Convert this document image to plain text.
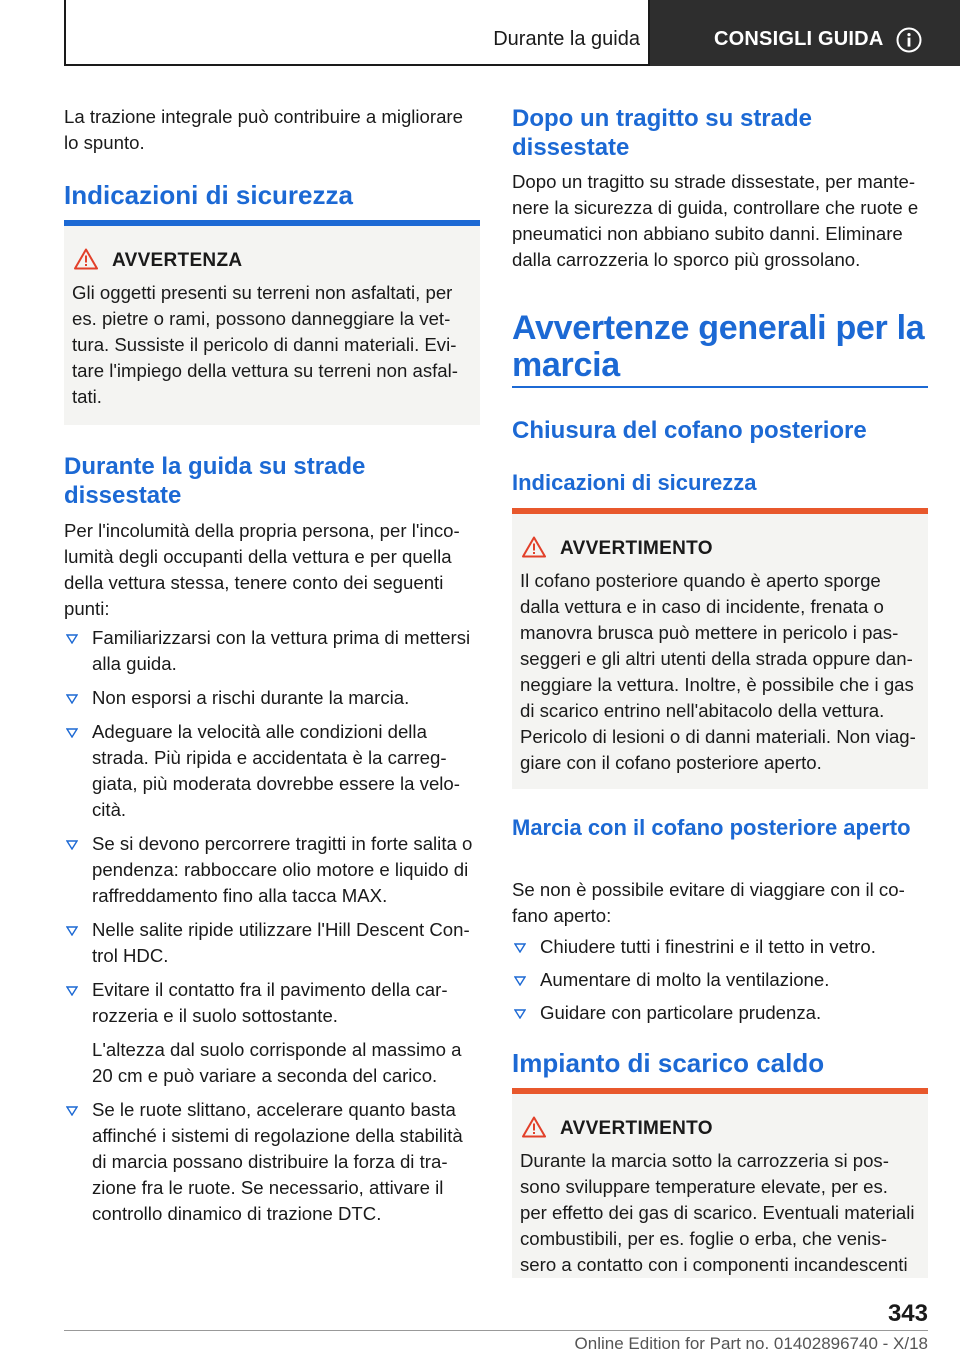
Durante la guida	CONSIGLI GUIDA

La trazione integrale può contribuire a migliorare lo spunto.

Indicazioni di sicurezza
AVVERTENZA
Gli oggetti presenti su terreni non asfaltati, per es. pietre o rami, possono danneggiare la vettura. Sussiste il pericolo di danni materiali. Evitare l'impiego della vettura su terreni non asfaltati.
Durante la guida su strade dissestate

Per l'incolumità della propria persona, per l'incolumità degli occupanti della vettura e per quella della vettura stessa, tenere conto dei seguenti punti:

Familiarizzarsi con la vettura prima di mettersi alla guida.
Non esporsi a rischi durante la marcia.
Adeguare la velocità alle condizioni della strada. Più ripida e accidentata è la carreggiata, più moderata dovrebbe essere la velocità.
Se si devono percorrere tragitti in forte salita o pendenza: rabboccare olio motore e liquido di raffreddamento fino alla tacca MAX.
Nelle salite ripide utilizzare l'Hill Descent Control HDC.
Evitare il contatto fra il pavimento della carrozzeria e il suolo sottostante.
L'altezza dal suolo corrisponde al massimo a 20 cm e può variare a seconda del carico.
Se le ruote slittano, accelerare quanto basta affinché i sistemi di regolazione della stabilità di marcia possano distribuire la forza di trazione fra le ruote. Se necessario, attivare il controllo dinamico di trazione DTC.
Dopo un tragitto su strade dissestate

Dopo un tragitto su strade dissestate, per mantenere la sicurezza di guida, controllare che ruote e pneumatici non abbiano subito danni. Eliminare dalla carrozzeria lo sporco più grossolano.

Avvertenze generali per la marcia
Chiusura del cofano posteriore
Indicazioni di sicurezza
AVVERTIMENTO
Il cofano posteriore quando è aperto sporge dalla vettura e in caso di incidente, frenata o manovra brusca può mettere in pericolo i passeggeri e gli altri utenti della strada oppure danneggiare la vettura. Inoltre, è possibile che i gas di scarico entrino nell'abitacolo della vettura. Pericolo di lesioni o di danni materiali. Non viaggiare con il cofano posteriore aperto.
Marcia con il cofano posteriore aperto

Se non è possibile evitare di viaggiare con il cofano aperto:

Chiudere tutti i finestrini e il tetto in vetro.
Aumentare di molto la ventilazione.
Guidare con particolare prudenza.
Impianto di scarico caldo
AVVERTIMENTO
Durante la marcia sotto la carrozzeria si possono sviluppare temperature elevate, per es. per effetto dei gas di scarico. Eventuali materiali combustibili, per es. foglie o erba, che venissero a contatto con i componenti incandescenti
343
Online Edition for Part no. 01402896740 - X/18
